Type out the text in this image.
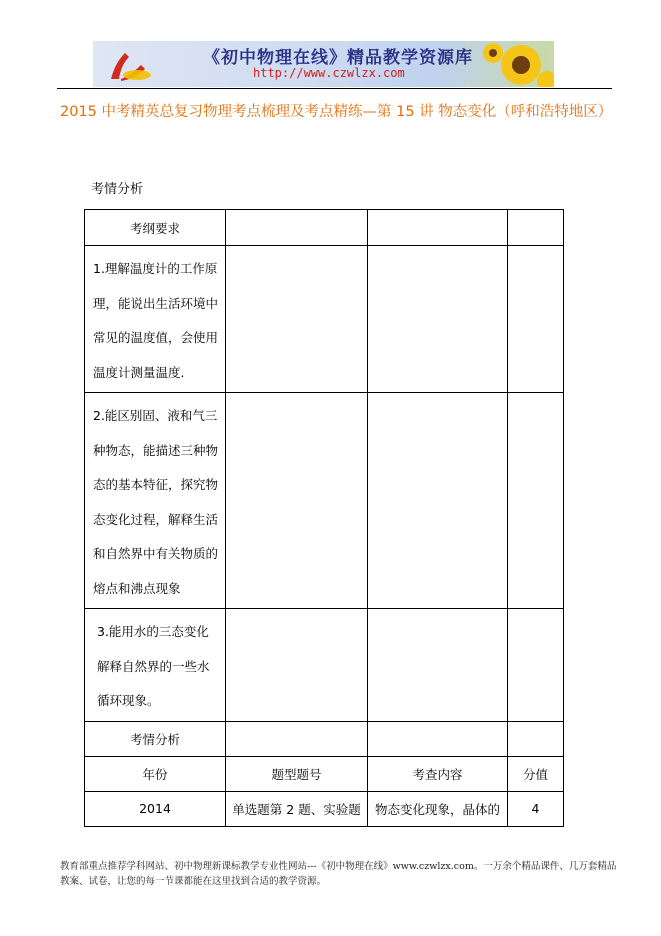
《初中物理在线》精品教学资源库
http://www.czwlzx.com
2015 中考精英总复习物理考点梳理及考点精练—第 15 讲 物态变化（呼和浩特地区）
考情分析
考纲要求			

1.理解温度计的工作原理，能说出生活环境中常见的温度值，会使用温度计测量温度.			

2.能区别固、液和气三种物态，能描述三种物态的基本特征，探究物态变化过程，解释生活和自然界中有关物质的熔点和沸点现象			

3.能用水的三态变化解释自然界的一些水循环现象。			

考情分析			
年份	题型题号	考查内容	分值
2014	单选题第 2 题、实验题	物态变化现象，晶体的	4
教育部重点推荐学科网站、初中物理新课标教学专业性网站---《初中物理在线》www.czwlzx.com。一万余个精品课件、几万套精品教案、试卷，让您的每一节课都能在这里找到合适的教学资源。
